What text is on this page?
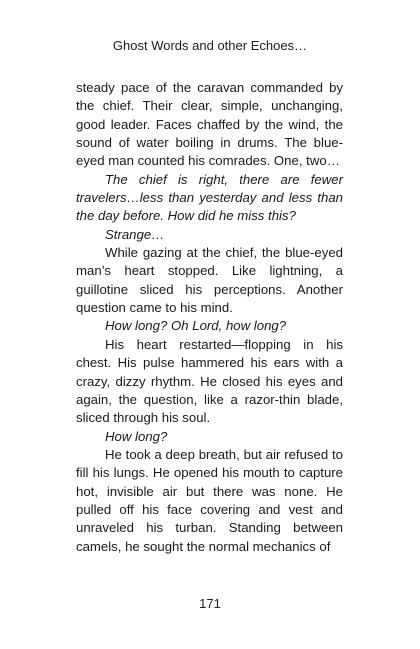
Ghost Words and other Echoes…

steady pace of the caravan commanded by the chief. Their clear, simple, unchanging, good leader. Faces chaffed by the wind, the sound of water boiling in drums. The blue-eyed man counted his comrades. One, two…

The chief is right, there are fewer travelers…less than yesterday and less than the day before. How did he miss this?

Strange…

While gazing at the chief, the blue-eyed man’s heart stopped. Like lightning, a guillotine sliced his perceptions. Another question came to his mind.

How long? Oh Lord, how long?

His heart restarted—flopping in his chest. His pulse hammered his ears with a crazy, dizzy rhythm. He closed his eyes and again, the question, like a razor-thin blade, sliced through his soul.

How long?

He took a deep breath, but air refused to fill his lungs. He opened his mouth to capture hot, invisible air but there was none. He pulled off his face covering and vest and unraveled his turban. Standing between camels, he sought the normal mechanics of

171
